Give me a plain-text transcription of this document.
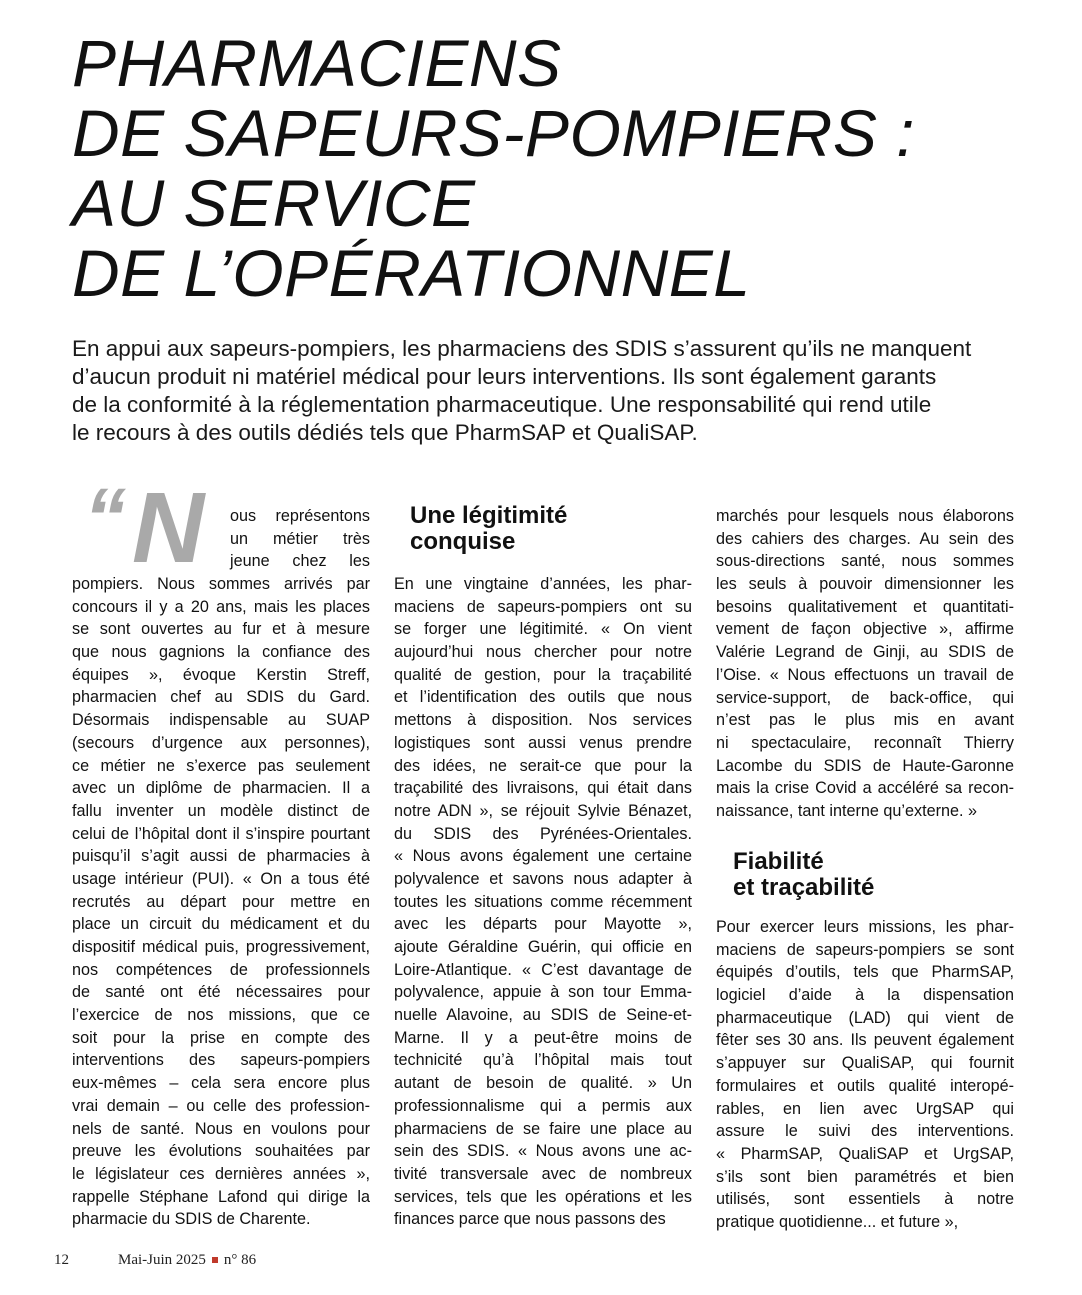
PHARMACIENS
DE SAPEURS-POMPIERS :
AU SERVICE
DE L’OPÉRATIONNEL

En appui aux sapeurs-pompiers, les pharmaciens des SDIS s’assurent qu’ils ne manquent
d’aucun produit ni matériel médical pour leurs interventions. Ils sont également garants
de la conformité à la réglementation pharmaceutique. Une responsabilité qui rend utile
le recours à des outils dédiés tels que PharmSAP et QualiSAP.

“ N ous représentons
un métier très
jeune chez les
pompiers. Nous sommes arrivés par
concours il y a 20 ans, mais les places
se sont ouvertes au fur et à mesure
que nous gagnions la confiance des
équipes », évoque Kerstin Streff,
pharmacien chef au SDIS du Gard.
Désormais indispensable au SUAP
(secours d’urgence aux personnes),
ce métier ne s’exerce pas seulement
avec un diplôme de pharmacien. Il a
fallu inventer un modèle distinct de
celui de l’hôpital dont il s’inspire pourtant
puisqu’il s’agit aussi de pharmacies à
usage intérieur (PUI). « On a tous été
recrutés au départ pour mettre en
place un circuit du médicament et du
dispositif médical puis, progressivement,
nos compétences de professionnels
de santé ont été nécessaires pour
l’exercice de nos missions, que ce
soit pour la prise en compte des
interventions des sapeurs-pompiers
eux-mêmes – cela sera encore plus
vrai demain – ou celle des profession-
nels de santé. Nous en voulons pour
preuve les évolutions souhaitées par
le législateur ces dernières années »,
rappelle Stéphane Lafond qui dirige la
pharmacie du SDIS de Charente.
Une légitimité
conquise
En une vingtaine d’années, les phar-
maciens de sapeurs-pompiers ont su
se forger une légitimité. « On vient
aujourd’hui nous chercher pour notre
qualité de gestion, pour la traçabilité
et l’identification des outils que nous
mettons à disposition. Nos services
logistiques sont aussi venus prendre
des idées, ne serait-ce que pour la
traçabilité des livraisons, qui était dans
notre ADN », se réjouit Sylvie Bénazet,
du SDIS des Pyrénées-Orientales.
« Nous avons également une certaine
polyvalence et savons nous adapter à
toutes les situations comme récemment
avec les départs pour Mayotte »,
ajoute Géraldine Guérin, qui officie en
Loire-Atlantique. « C’est davantage de
polyvalence, appuie à son tour Emma-
nuelle Alavoine, au SDIS de Seine-et-
Marne. Il y a peut-être moins de
technicité qu’à l’hôpital mais tout
autant de besoin de qualité. » Un
professionnalisme qui a permis aux
pharmaciens de se faire une place au
sein des SDIS. « Nous avons une ac-
tivité transversale avec de nombreux
services, tels que les opérations et les
finances parce que nous passons des
marchés pour lesquels nous élaborons
des cahiers des charges. Au sein des
sous-directions santé, nous sommes
les seuls à pouvoir dimensionner les
besoins qualitativement et quantitati-
vement de façon objective », affirme
Valérie Legrand de Ginji, au SDIS de
l’Oise. « Nous effectuons un travail de
service-support, de back-office, qui
n’est pas le plus mis en avant
ni spectaculaire, reconnaît Thierry
Lacombe du SDIS de Haute-Garonne
mais la crise Covid a accéléré sa recon-
naissance, tant interne qu’externe. »
Fiabilité
et traçabilité
Pour exercer leurs missions, les phar-
maciens de sapeurs-pompiers se sont
équipés d’outils, tels que PharmSAP,
logiciel d’aide à la dispensation
pharmaceutique (LAD) qui vient de
fêter ses 30 ans. Ils peuvent également
s’appuyer sur QualiSAP, qui fournit
formulaires et outils qualité interopé-
rables, en lien avec UrgSAP qui
assure le suivi des interventions.
« PharmSAP, QualiSAP et UrgSAP,
s’ils sont bien paramétrés et bien
utilisés, sont essentiels à notre
pratique quotidienne... et future »,
12	Mai-Juin 2025 n° 86
